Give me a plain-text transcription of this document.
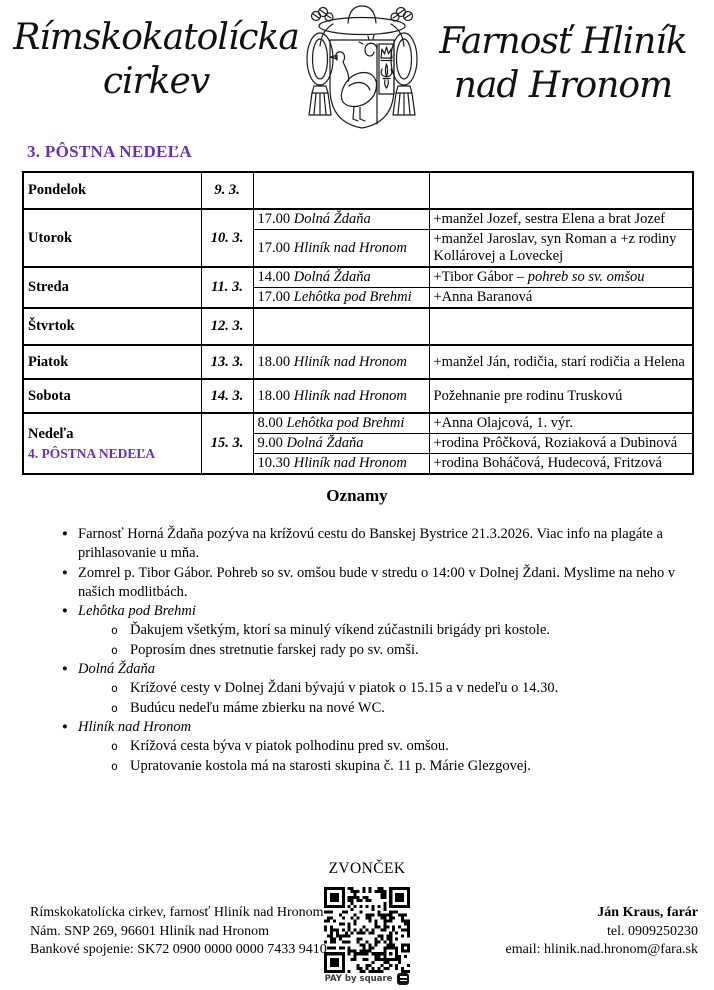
Rímskokatolícka
cirkev
Farnosť Hliník
nad Hronom
3. PÔSTNA NEDEĽA
Pondelok	9. 3.		

Utorok	10. 3.	17.00 Dolná Ždaňa	+manžel Jozef, sestra Elena a brat Jozef
		17.00 Hliník nad Hronom	+manžel Jaroslav, syn Roman a +z rodiny Kollárovej a Loveckej

Streda	11. 3.	14.00 Dolná Ždaňa	+Tibor Gábor – pohreb so sv. omšou
		17.00 Lehôtka pod Brehmi	+Anna Baranová

Štvrtok	12. 3.		

Piatok	13. 3.	18.00 Hliník nad Hronom	+manžel Ján, rodičia, starí rodičia a Helena

Sobota	14. 3.	18.00 Hliník nad Hronom	Požehnanie pre rodinu Truskovú

Nedeľa
4. PÔSTNA NEDEĽA	15. 3.	8.00 Lehôtka pod Brehmi	+Anna Olajcová, 1. výr.
		9.00 Dolná Ždaňa	+rodina Prôčková, Roziaková a Dubinová
		10.30 Hliník nad Hronom	+rodina Boháčová, Hudecová, Fritzová
Oznamy
● Farnosť Horná Ždaňa pozýva na krížovú cestu do Banskej Bystrice 21.3.2026. Viac info na plagáte a prihlasovanie u mňa.
● Zomrel p. Tibor Gábor. Pohreb so sv. omšou bude v stredu o 14:00 v Dolnej Ždani. Myslime na neho v našich modlitbách.
● Lehôtka pod Brehmi
o Ďakujem všetkým, ktorí sa minulý víkend zúčastnili brigády pri kostole.
o Poprosím dnes stretnutie farskej rady po sv. omši.
● Dolná Ždaňa
o Krížové cesty v Dolnej Ždani bývajú v piatok o 15.15 a v nedeľu o 14.30.
o Budúcu nedeľu máme zbierku na nové WC.
● Hliník nad Hronom
o Krížová cesta býva v piatok polhodinu pred sv. omšou.
o Upratovanie kostola má na starosti skupina č. 11 p. Márie Glezgovej.
ZVONČEK
PAY by square
Rímskokatolícka cirkev, farnosť Hliník nad Hronom
Nám. SNP 269, 96601 Hliník nad Hronom
Bankové spojenie: SK72 0900 0000 0000 7433 9410
Ján Kraus, farár
tel. 0909250230
email: hlinik.nad.hronom@fara.sk
